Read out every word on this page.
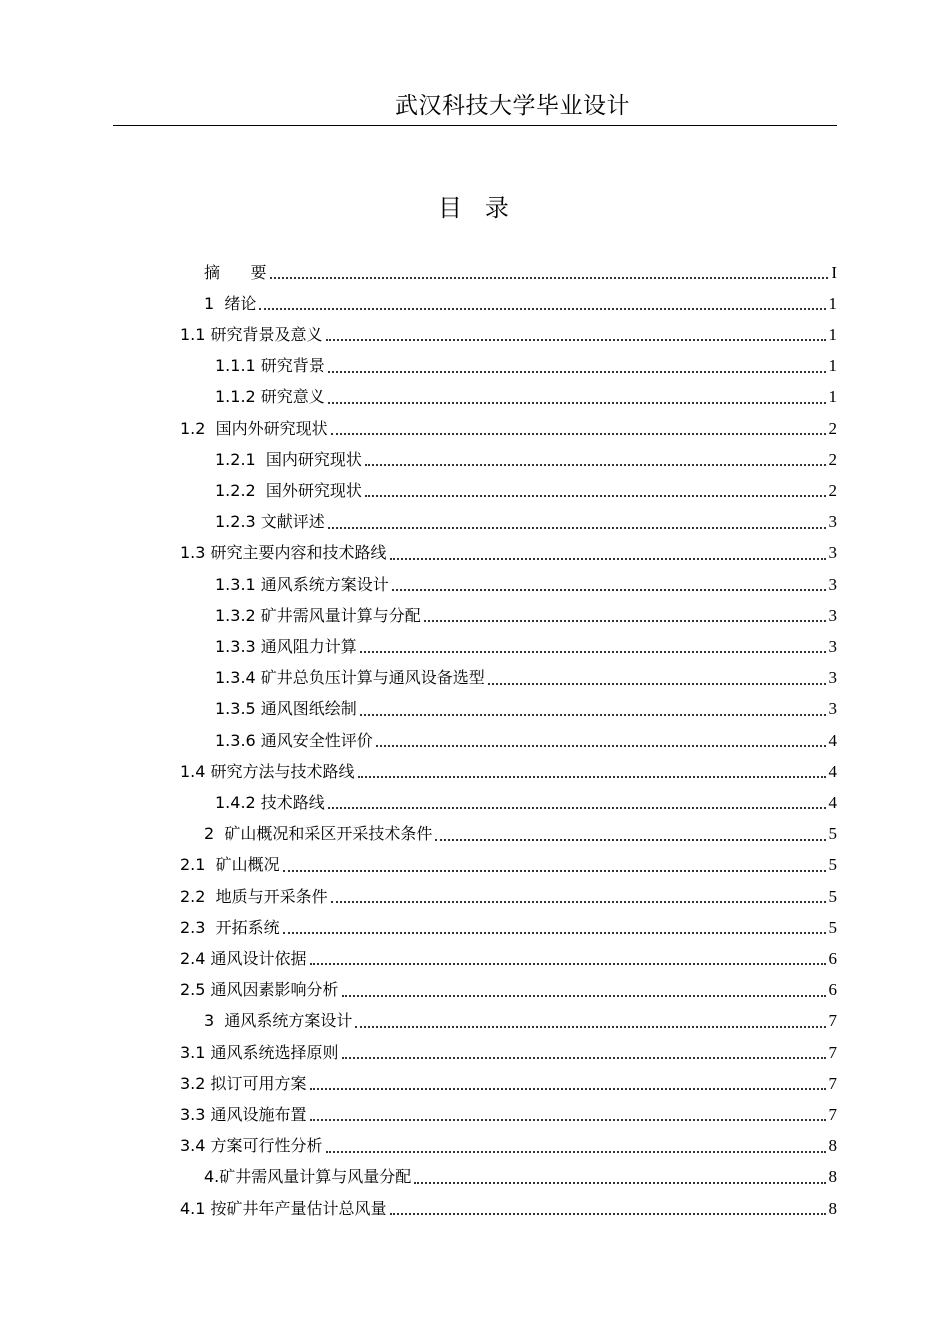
武汉科技大学毕业设计
目   录
摘      要	I
1  绪论	1
1.1 研究背景及意义	1
1.1.1 研究背景	1
1.1.2 研究意义	1
1.2  国内外研究现状	2
1.2.1  国内研究现状	2
1.2.2  国外研究现状	2
1.2.3 文献评述	3
1.3 研究主要内容和技术路线	3
1.3.1 通风系统方案设计	3
1.3.2 矿井需风量计算与分配	3
1.3.3 通风阻力计算	3
1.3.4 矿井总负压计算与通风设备选型	3
1.3.5 通风图纸绘制	3
1.3.6 通风安全性评价	4
1.4 研究方法与技术路线	4
1.4.2 技术路线	4
2  矿山概况和采区开采技术条件	5
2.1  矿山概况	5
2.2  地质与开采条件	5
2.3  开拓系统	5
2.4 通风设计依据	6
2.5 通风因素影响分析	6
3  通风系统方案设计	7
3.1 通风系统选择原则	7
3.2 拟订可用方案	7
3.3 通风设施布置	7
3.4 方案可行性分析	8
4.矿井需风量计算与风量分配	8
4.1 按矿井年产量估计总风量	8
